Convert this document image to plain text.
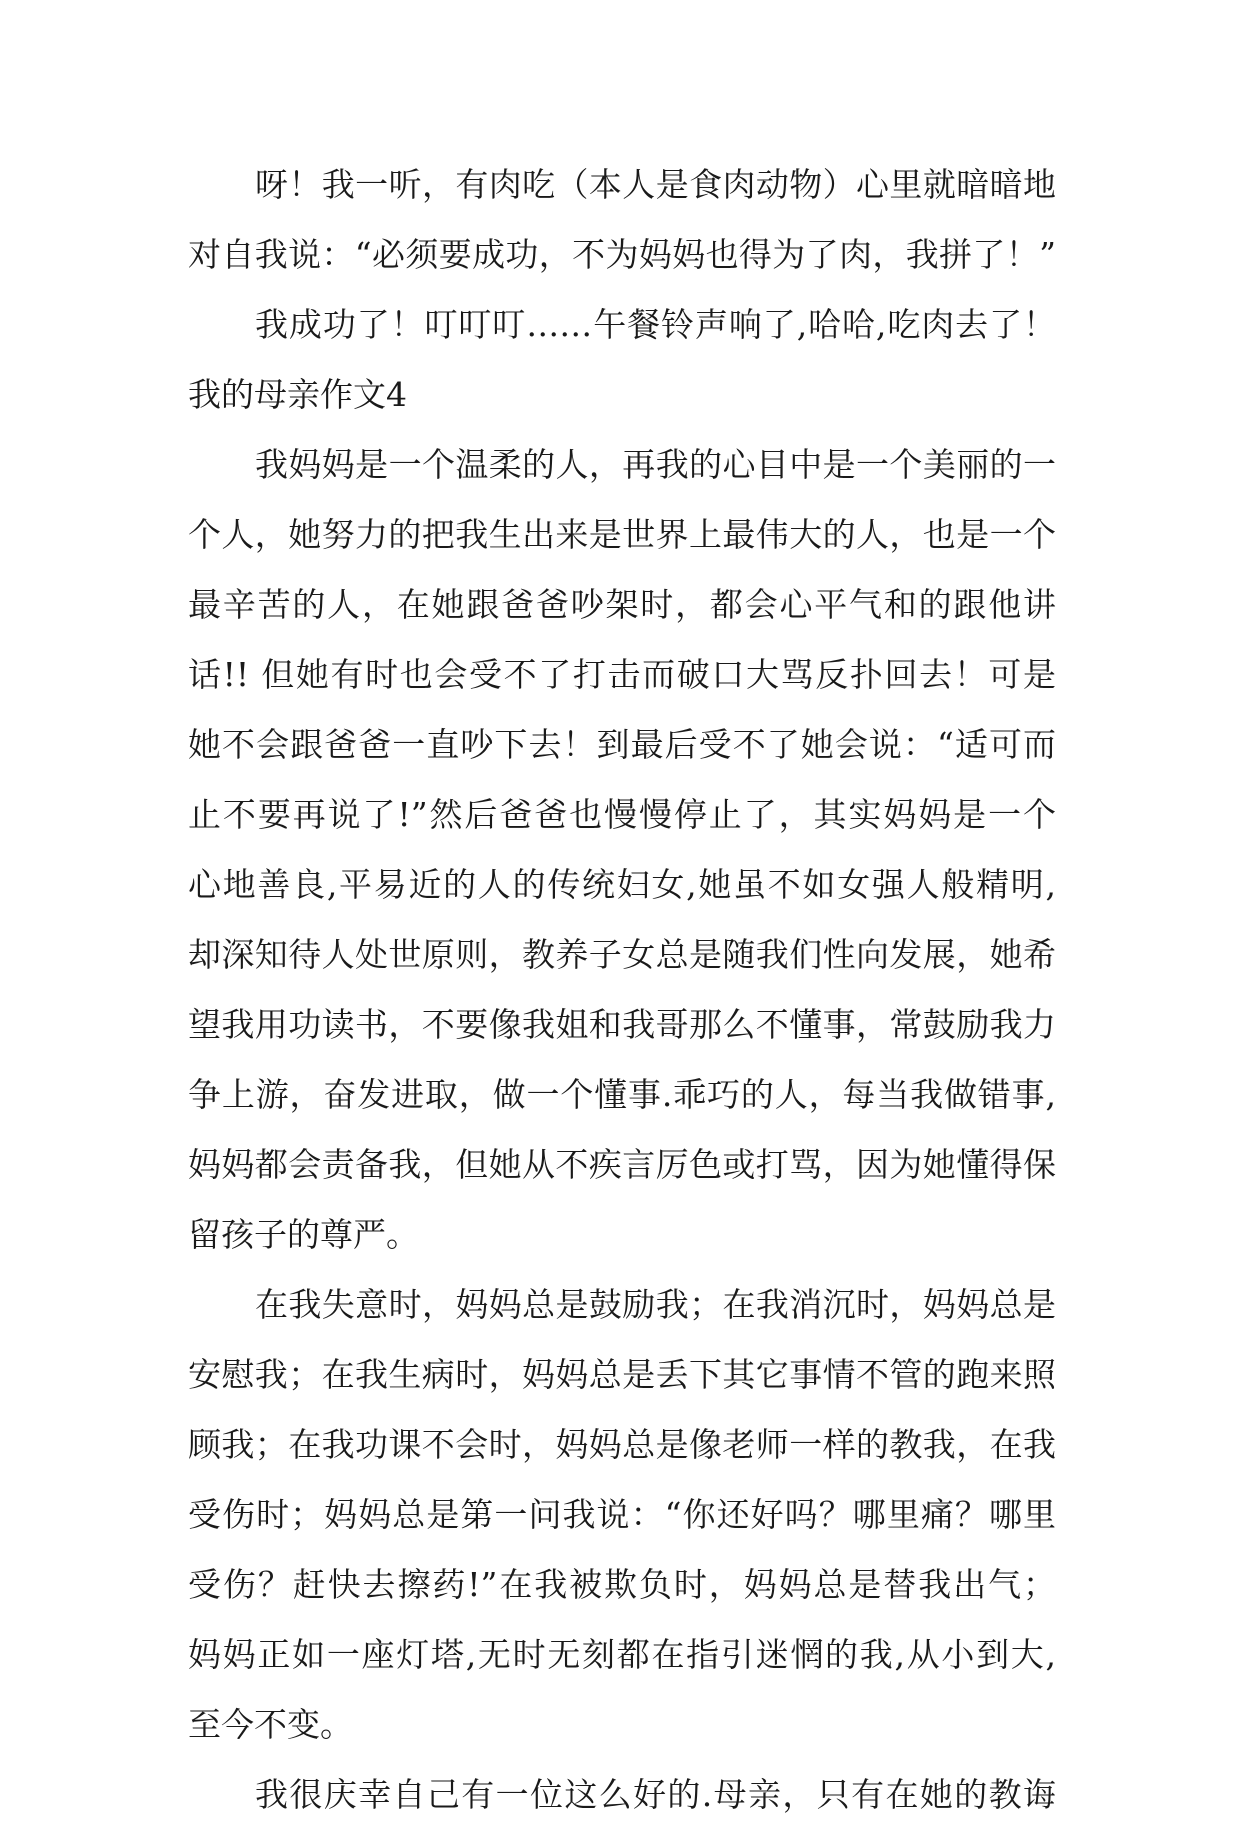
呀！我一听，有肉吃（本人是食肉动物）心里就暗暗地
对自我说：“必须要成功，不为妈妈也得为了肉，我拼了！”
我成功了！叮叮叮……午餐铃声响了,哈哈,吃肉去了！
我的母亲作文4
我妈妈是一个温柔的人，再我的心目中是一个美丽的一
个人，她努力的把我生出来是世界上最伟大的人，也是一个
最辛苦的人，在她跟爸爸吵架时，都会心平气和的跟他讲
话!! 但她有时也会受不了打击而破口大骂反扑回去！可是
她不会跟爸爸一直吵下去！到最后受不了她会说：“适可而
止不要再说了!”然后爸爸也慢慢停止了，其实妈妈是一个
心地善良,平易近的人的传统妇女,她虽不如女强人般精明,
却深知待人处世原则，教养子女总是随我们性向发展，她希
望我用功读书，不要像我姐和我哥那么不懂事，常鼓励我力
争上游，奋发进取，做一个懂事.乖巧的人，每当我做错事,
妈妈都会责备我，但她从不疾言厉色或打骂，因为她懂得保
留孩子的尊严。
在我失意时，妈妈总是鼓励我；在我消沉时，妈妈总是
安慰我；在我生病时，妈妈总是丢下其它事情不管的跑来照
顾我；在我功课不会时，妈妈总是像老师一样的教我，在我
受伤时；妈妈总是第一问我说：“你还好吗？哪里痛？哪里
受伤？赶快去擦药!”在我被欺负时，妈妈总是替我出气；
妈妈正如一座灯塔,无时无刻都在指引迷惘的我,从小到大,
至今不变。
我很庆幸自己有一位这么好的.母亲，只有在她的教诲
